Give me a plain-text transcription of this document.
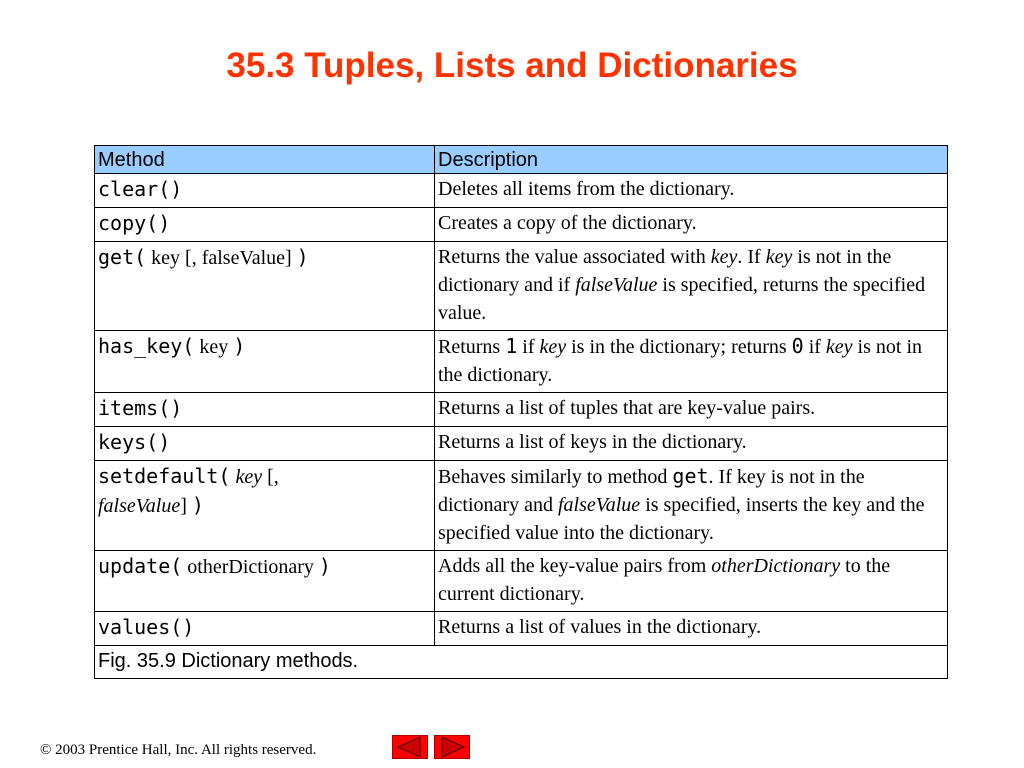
35.3 Tuples, Lists and Dictionaries
Method	Description
clear()	Deletes all items from the dictionary.
copy()	Creates a copy of the dictionary.
get( key [, falseValue] )	Returns the value associated with key. If key is not in the dictionary and if falseValue is specified, returns the specified value.
has_key( key )	Returns 1 if key is in the dictionary; returns 0 if key is not in the dictionary.
items()	Returns a list of tuples that are key-value pairs.
keys()	Returns a list of keys in the dictionary.
setdefault( key [,
falseValue] )	Behaves similarly to method get. If key is not in the dictionary and falseValue is specified, inserts the key and the specified value into the dictionary.
update( otherDictionary )	Adds all the key-value pairs from otherDictionary to the current dictionary.
values()	Returns a list of values in the dictionary.
Fig. 35.9 Dictionary methods.	
© 2003 Prentice Hall, Inc. All rights reserved.
